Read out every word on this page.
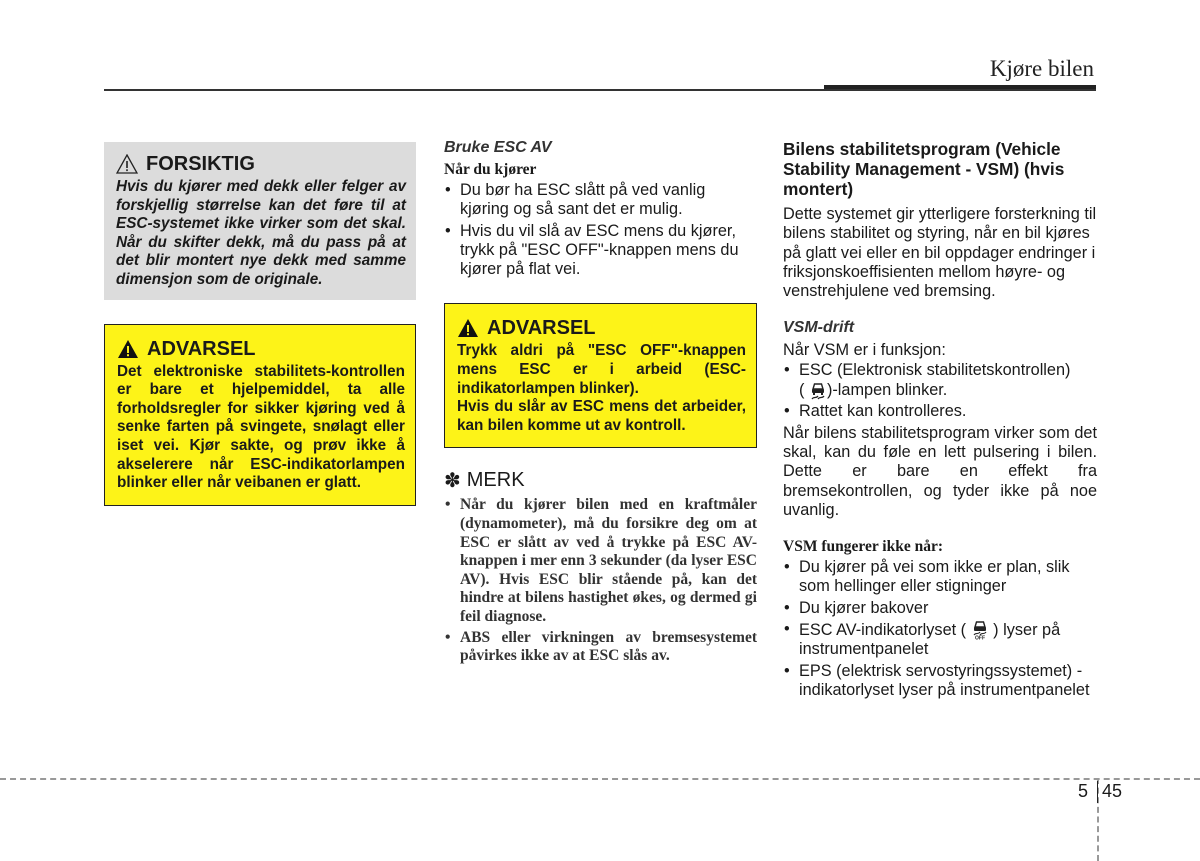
Kjøre bilen
FORSIKTIG
Hvis du kjører med dekk eller felger av forskjellig størrelse kan det føre til at ESC-systemet ikke virker som det skal. Når du skifter dekk, må du pass på at det blir montert nye dekk med samme dimensjon som de originale.
ADVARSEL
Det elektroniske stabilitets-kontrollen er bare et hjelpemiddel, ta alle forholdsregler for sikker kjøring ved å senke farten på svingete, snølagt eller iset vei. Kjør sakte, og prøv ikke å akselerere når ESC-indikatorlampen blinker eller når veibanen er glatt.
Bruke ESC AV
Når du kjører
• Du bør ha ESC slått på ved vanlig kjøring og så sant det er mulig.
• Hvis du vil slå av ESC mens du kjører, trykk på "ESC OFF"-knappen mens du kjører på flat vei.
ADVARSEL
Trykk aldri på "ESC OFF"-knappen mens ESC er i arbeid (ESC-indikatorlampen blinker).
Hvis du slår av ESC mens det arbeider, kan bilen komme ut av kontroll.
✽ MERK
• Når du kjører bilen med en kraftmåler (dynamometer), må du forsikre deg om at ESC er slått av ved å trykke på ESC AV-knappen i mer enn 3 sekunder (da lyser ESC AV). Hvis ESC blir stående på, kan det hindre at bilens hastighet økes, og dermed gi feil diagnose.
• ABS eller virkningen av bremsesystemet påvirkes ikke av at ESC slås av.
Bilens stabilitetsprogram (Vehicle Stability Management - VSM) (hvis montert)
Dette systemet gir ytterligere forsterkning til bilens stabilitet og styring, når en bil kjøres på glatt vei eller en bil oppdager endringer i friksjonskoeffisienten mellom høyre- og venstrehjulene ved bremsing.
VSM-drift
Når VSM er i funksjon:
• ESC (Elektronisk stabilitetskontrollen)
( )-lampen blinker.
• Rattet kan kontrolleres.
Når bilens stabilitetsprogram virker som det skal, kan du føle en lett pulsering i bilen. Dette er bare en effekt fra bremsekontrollen, og tyder ikke på noe uvanlig.
VSM fungerer ikke når:
• Du kjører på vei som ikke er plan, slik som hellinger eller stigninger
• Du kjører bakover
• ESC AV-indikatorlyset ( OFF ) lyser på instrumentpanelet
• EPS (elektrisk servostyringssystemet) - indikatorlyset lyser på instrumentpanelet
5 45
